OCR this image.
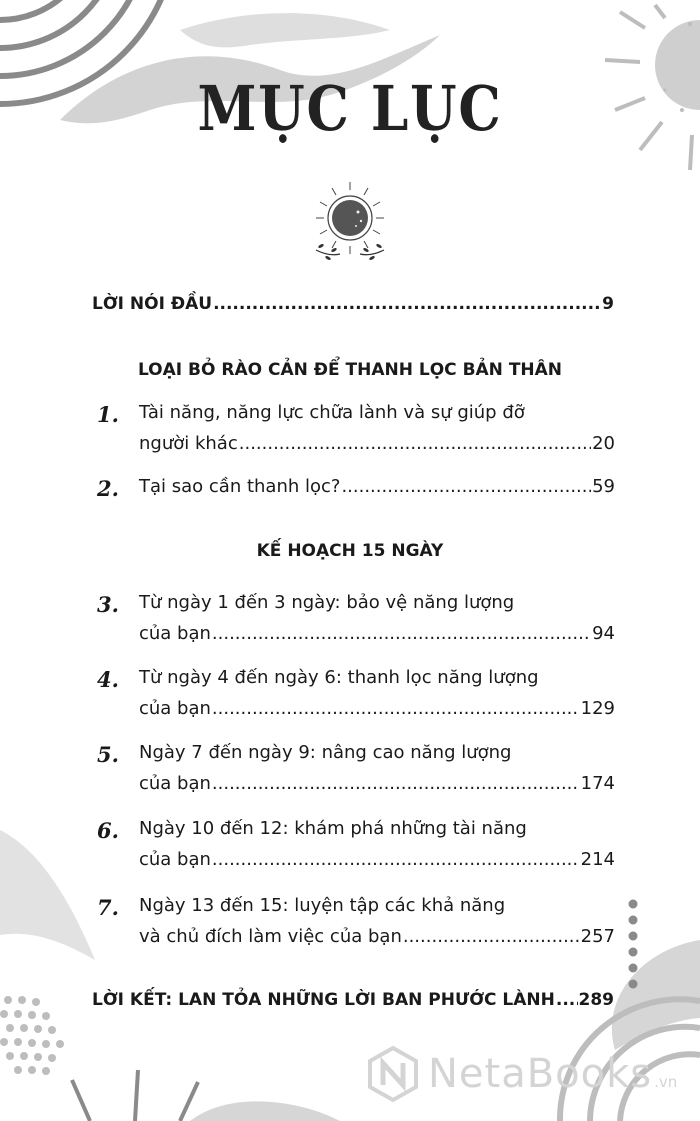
MỤC LỤC
LỜI NÓI ĐẦU .....	9
LOẠI BỎ RÀO CẢN ĐỂ THANH LỌC BẢN THÂN
1. Tài năng, năng lực chữa lành và sự giúp đỡ
người khác .....	20
2. Tại sao cần thanh lọc? .....	59
KẾ HOẠCH 15 NGÀY
3. Từ ngày 1 đến 3 ngày: bảo vệ năng lượng
của bạn .....	94
4. Từ ngày 4 đến ngày 6: thanh lọc năng lượng
của bạn .....	129
5. Ngày 7 đến ngày 9: nâng cao năng lượng
của bạn .....	174
6. Ngày 10 đến 12: khám phá những tài năng
của bạn .....	214
7. Ngày 13 đến 15: luyện tập các khả năng
và chủ đích làm việc của bạn .....	257
LỜI KẾT: LAN TỎA NHỮNG LỜI BAN PHƯỚC LÀNH ..... 289
NetaBooks .vn
